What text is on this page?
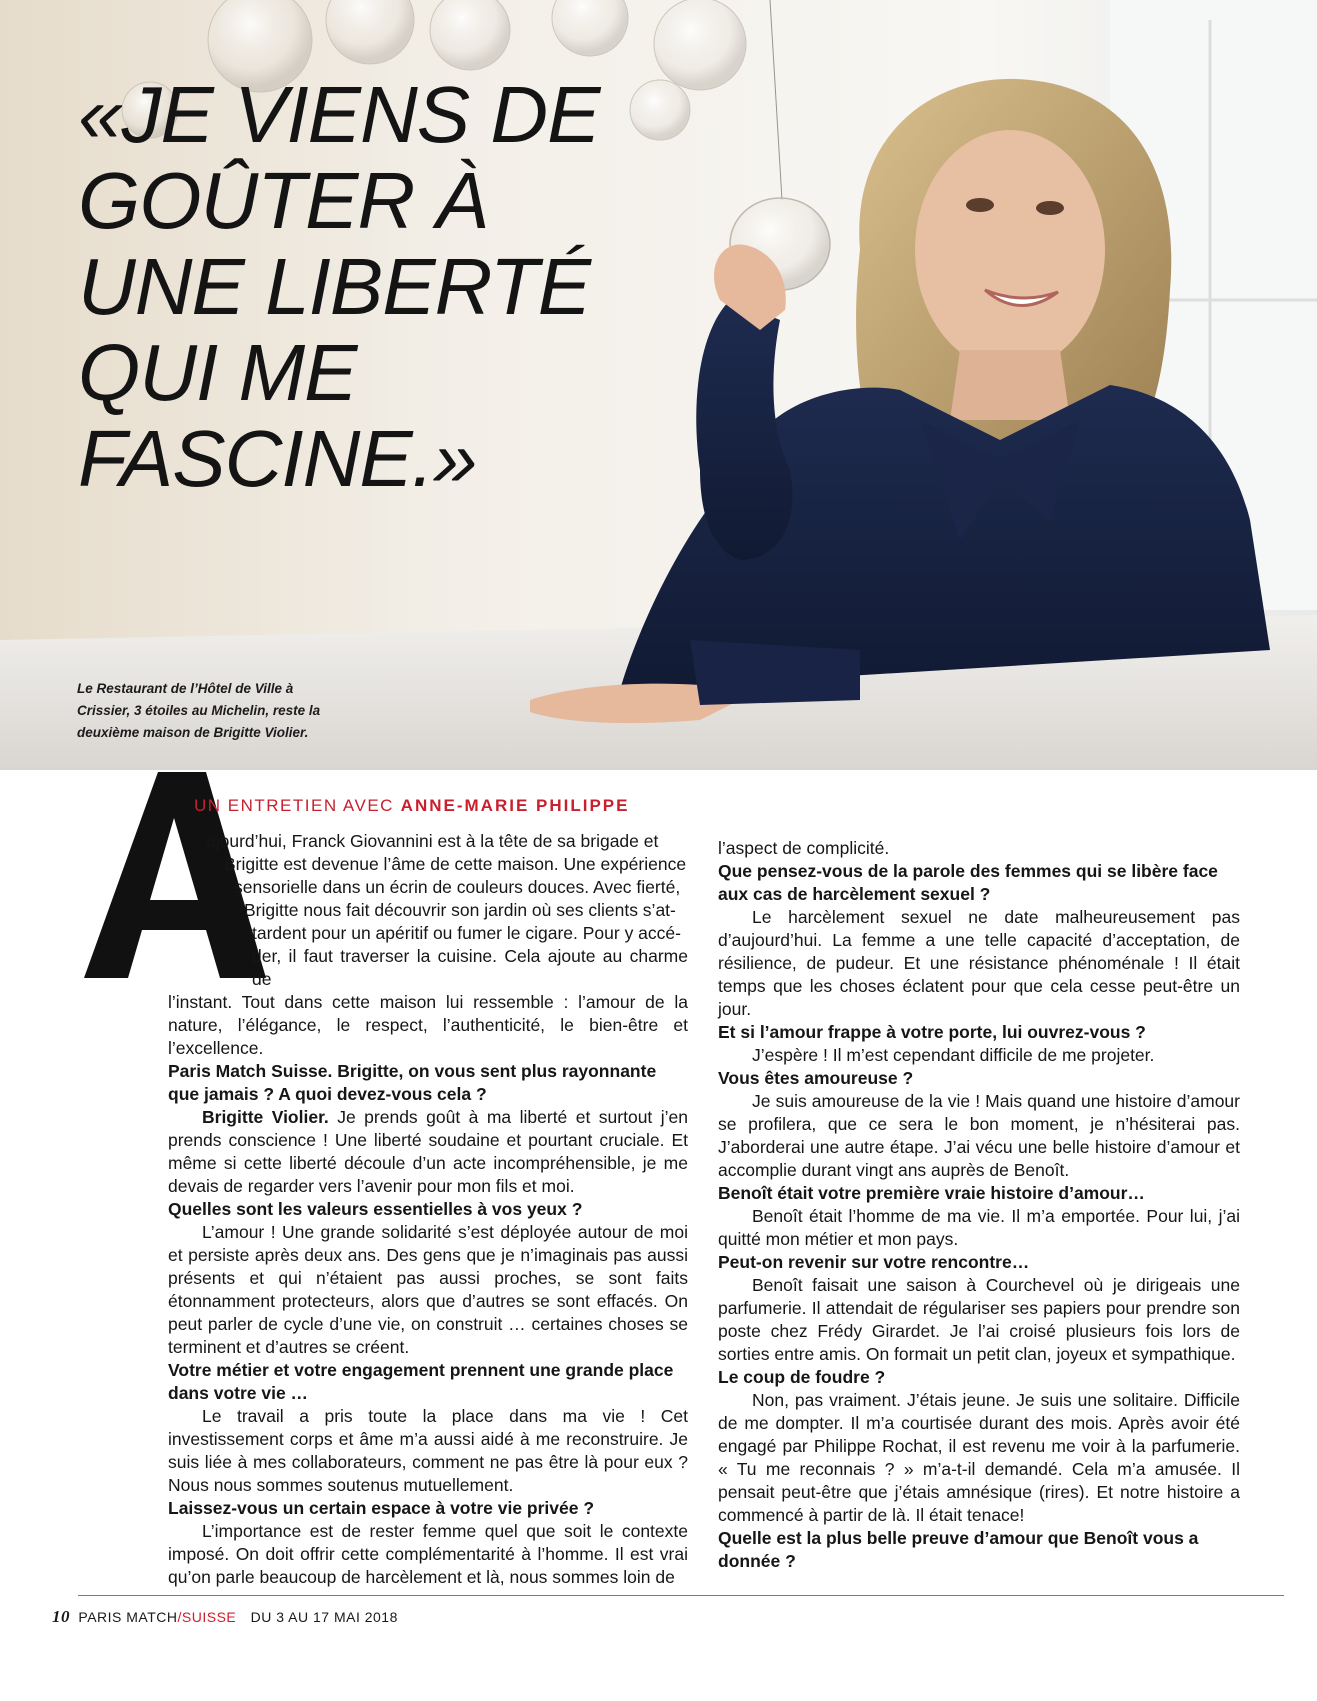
«JE VIENS DE GOÛTER À UNE LIBERTÉ QUI ME FASCINE.»

Le Restaurant de l’Hôtel de Ville à Crissier, 3 étoiles au Michelin, reste la deuxième maison de Brigitte Violier.

UN ENTRETIEN AVEC ANNE-MARIE PHILIPPE

ujourd’hui, Franck Giovannini est à la tête de sa brigade et

Brigitte est devenue l’âme de cette maison. Une expérience

sensorielle dans un écrin de couleurs douces. Avec fierté,

Brigitte nous fait découvrir son jardin où ses clients s’at-

tardent pour un apéritif ou fumer le cigare. Pour y accé-

der, il faut traverser la cuisine. Cela ajoute au charme de

l’instant. Tout dans cette maison lui ressemble : l’amour de la nature, l’élégance, le respect, l’authenticité, le bien-être et l’excellence.

Paris Match Suisse. Brigitte, on vous sent plus rayonnante que jamais ? A quoi devez-vous cela ?

Brigitte Violier. Je prends goût à ma liberté et surtout j’en prends conscience ! Une liberté soudaine et pourtant cruciale. Et même si cette liberté découle d’un acte incompréhensible, je me devais de regarder vers l’avenir pour mon fils et moi.

Quelles sont les valeurs essentielles à vos yeux ?

L’amour ! Une grande solidarité s’est déployée autour de moi et persiste après deux ans. Des gens que je n’imaginais pas aussi présents et qui n’étaient pas aussi proches, se sont faits étonnamment protecteurs, alors que d’autres se sont effacés. On peut parler de cycle d’une vie, on construit … certaines choses se terminent et d’autres se créent.

Votre métier et votre engagement prennent une grande place dans votre vie …

Le travail a pris toute la place dans ma vie ! Cet investissement corps et âme m’a aussi aidé à me reconstruire. Je suis liée à mes collaborateurs, comment ne pas être là pour eux ? Nous nous sommes soutenus mutuellement.

Laissez-vous un certain espace à votre vie privée ?

L’importance est de rester femme quel que soit le contexte imposé. On doit offrir cette complémentarité à l’homme. Il est vrai qu’on parle beaucoup de harcèlement et là, nous sommes loin de

l’aspect de complicité.

Que pensez-vous de la parole des femmes qui se libère face aux cas de harcèlement sexuel ?

Le harcèlement sexuel ne date malheureusement pas d’aujourd’hui. La femme a une telle capacité d’acceptation, de résilience, de pudeur. Et une résistance phénoménale ! Il était temps que les choses éclatent pour que cela cesse peut-être un jour.

Et si l’amour frappe à votre porte, lui ouvrez-vous ?

J’espère ! Il m’est cependant difficile de me projeter.

Vous êtes amoureuse ?

Je suis amoureuse de la vie ! Mais quand une histoire d’amour se profilera, que ce sera le bon moment, je n’hésiterai pas. J’aborderai une autre étape. J’ai vécu une belle histoire d’amour et accomplie durant vingt ans auprès de Benoît.

Benoît était votre première vraie histoire d’amour…

Benoît était l’homme de ma vie. Il m’a emportée. Pour lui, j’ai quitté mon métier et mon pays.

Peut-on revenir sur votre rencontre…

Benoît faisait une saison à Courchevel où je dirigeais une parfumerie. Il attendait de régulariser ses papiers pour prendre son poste chez Frédy Girardet. Je l’ai croisé plusieurs fois lors de sorties entre amis. On formait un petit clan, joyeux et sympathique.

Le coup de foudre ?

Non, pas vraiment. J’étais jeune. Je suis une solitaire. Difficile de me dompter. Il m’a courtisée durant des mois. Après avoir été engagé par Philippe Rochat, il est revenu me voir à la parfumerie. « Tu me reconnais ? » m’a-t-il demandé. Cela m’a amusée. Il pensait peut-être que j’étais amnésique (rires). Et notre histoire a commencé à partir de là. Il était tenace!

Quelle est la plus belle preuve d’amour que Benoît vous a donnée ?

10 PARIS MATCH/SUISSE DU 3 AU 17 MAI 2018
